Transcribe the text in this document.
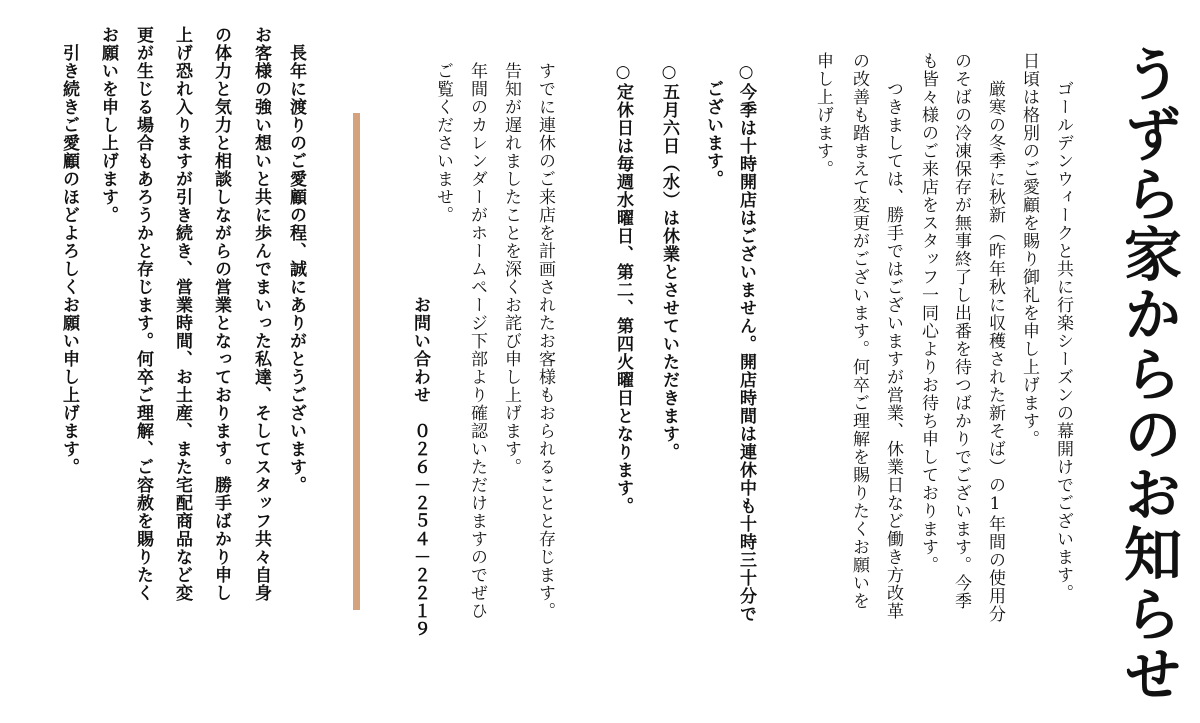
うずら家からのお知らせ
ゴールデンウィークと共に行楽シーズンの幕開けでございます。
日頃は格別のご愛顧を賜り御礼を申し上げます。
厳寒の冬季に秋新（昨年秋に収穫された新そば）の1年間の使用分
のそばの冷凍保存が無事終了し出番を待つばかりでございます。今季
も皆々様のご来店をスタッフ一同心よりお待ち申しております。
つきましては、勝手ではございますが営業、休業日など働き方改革
の改善も踏まえて変更がございます。何卒ご理解を賜りたくお願いを
申し上げます。
○今季は十時開店はございません。開店時間は連休中も十時三十分で
ございます。
○五月六日（水）は休業とさせていただきます。
○定休日は毎週水曜日、第二、第四火曜日となります。
すでに連休のご来店を計画されたお客様もおられることと存じます。
告知が遅れましたことを深くお詫び申し上げます。
年間のカレンダーがホームページ下部より確認いただけますのでぜひ
ご覧くださいませ。
お問い合わせ　０２６－２５４－２２１９
長年に渡りのご愛顧の程、誠にありがとうございます。
お客様の強い想いと共に歩んでまいった私達、そしてスタッフ共々自身
の体力と気力と相談しながらの営業となっております。勝手ばかり申し
上げ恐れ入りますが引き続き、営業時間、お土産、また宅配商品など変
更が生じる場合もあろうかと存じます。何卒ご理解、ご容赦を賜りたく
お願いを申し上げます。
引き続きご愛顧のほどよろしくお願い申し上げます。
